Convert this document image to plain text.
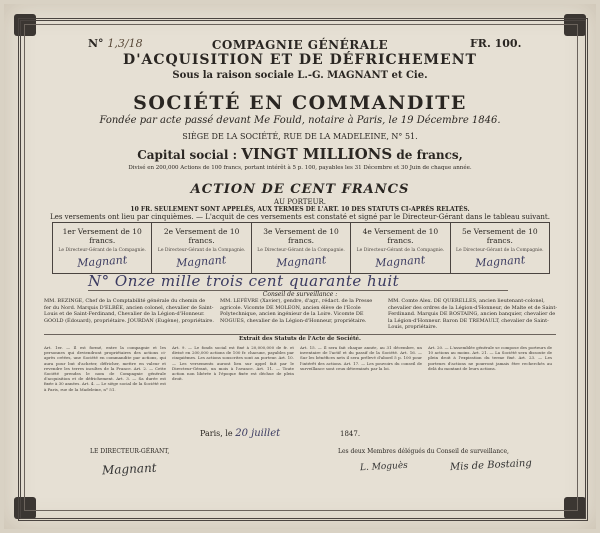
N° 1,3/18	FR. 100.
COMPAGNIE GÉNÉRALE
D'ACQUISITION ET DE DÉFRICHEMENT
Sous la raison sociale L.-G. MAGNANT et Cie.
SOCIÉTÉ EN COMMANDITE
Fondée par acte passé devant Me Fould, notaire à Paris, le 19 Décembre 1846.
SIÈGE DE LA SOCIÉTÉ, RUE DE LA MADELEINE, N° 51.
Capital social : VINGT MILLIONS de francs,
Divisé en 200,000 Actions de 100 francs, portant intérêt à 5 p. 100, payables les 31 Décembre et 30 Juin de chaque année.
ACTION DE CENT FRANCS
AU PORTEUR.
10 FR. SEULEMENT SONT APPELÉS, AUX TERMES DE L'ART. 10 DES STATUTS CI-APRÈS RELATÉS.
Les versements ont lieu par cinquièmes. — L'acquit de ces versements est constaté et signé par le Directeur-Gérant dans le tableau suivant.
1er Versement de 10 francs.
Le Directeur-Gérant de la Compagnie.
Magnant
2e Versement de 10 francs.
Le Directeur-Gérant de la Compagnie.
Magnant
3e Versement de 10 francs.
Le Directeur-Gérant de la Compagnie.
Magnant
4e Versement de 10 francs.
Le Directeur-Gérant de la Compagnie.
Magnant
5e Versement de 10 francs.
Le Directeur-Gérant de la Compagnie.
Magnant
N° Onze mille trois cent quarante huit
Conseil de surveillance :
MM. BEZINGE, Chef de la Comptabilité générale du chemin de fer du Nord. Marquis D'ELBÉE, ancien colonel, chevalier de Saint-Louis et de Saint-Ferdinand, Chevalier de la Légion-d'Honneur. GOOLD (Édouard), propriétaire. JOURDAN (Eugène), propriétaire.
MM. LEFÈVRE (Xavier), gendre, d'agr., rédact. de la Presse agricole. Vicomte DE MOLEON, ancien élève de l'Ecole Polytechnique, ancien ingénieur de la Loire. Vicomte DE NOGUES, chevalier de la Légion-d'Honneur, propriétaire.
MM. Comte Alex. DE QUERELLES, ancien lieutenant-colonel, chevalier des ordres de la Légion-d'Honneur, de Malte et de Saint-Ferdinand. Marquis DE BOSTAING, ancien banquier, chevalier de la Légion-d'Honneur. Baron DE TREMAULT, chevalier de Saint-Louis, propriétaire.
Extrait des Statuts de l'Acte de Société.
Art. 1er. — Il est formé, entre la compagnie et les personnes qui deviendront propriétaires des actions ci-après créées, une Société en commandite par actions, qui aura pour but d'acheter, défricher, mettre en valeur et revendre les terres incultes de la France. Art. 2. — Cette Société prendra le nom de Compagnie générale d'acquisition et de défrichement. Art. 3. — Sa durée est fixée à 30 années. Art. 4. — Le siège social de la Société est à Paris, rue de la Madeleine, n° 51.
Art. 9. — Le fonds social est fixé à 20,000,000 de fr. et divisé en 200,000 actions de 100 fr. chacune, payables par cinquièmes. Les actions souscrites sont au porteur. Art. 10. — Les versements auront lieu sur appel fait par le Directeur-Gérant, un mois à l'avance. Art. 11. — Toute action non libérée à l'époque fixée est déchue de plein droit.
Art. 15. — Il sera fait chaque année, au 31 décembre, un inventaire de l'actif et du passif de la Société. Art. 16. — Sur les bénéfices nets il sera prélevé d'abord 5 p. 100 pour l'intérêt des actions. Art. 17. — Les pouvoirs du conseil de surveillance sont ceux déterminés par la loi.
Art. 20. — L'assemblée générale se compose des porteurs de 10 actions au moins. Art. 21. — La Société sera dissoute de plein droit à l'expiration du terme fixé. Art. 23. — Les porteurs d'actions ne pourront jamais être recherchés au delà du montant de leurs actions.
Paris, le 20 juillet	1847.
LE DIRECTEUR-GÉRANT,	Les deux Membres délégués du Conseil de surveillance,
Magnant	L. Moguès	Mis de Bostaing
